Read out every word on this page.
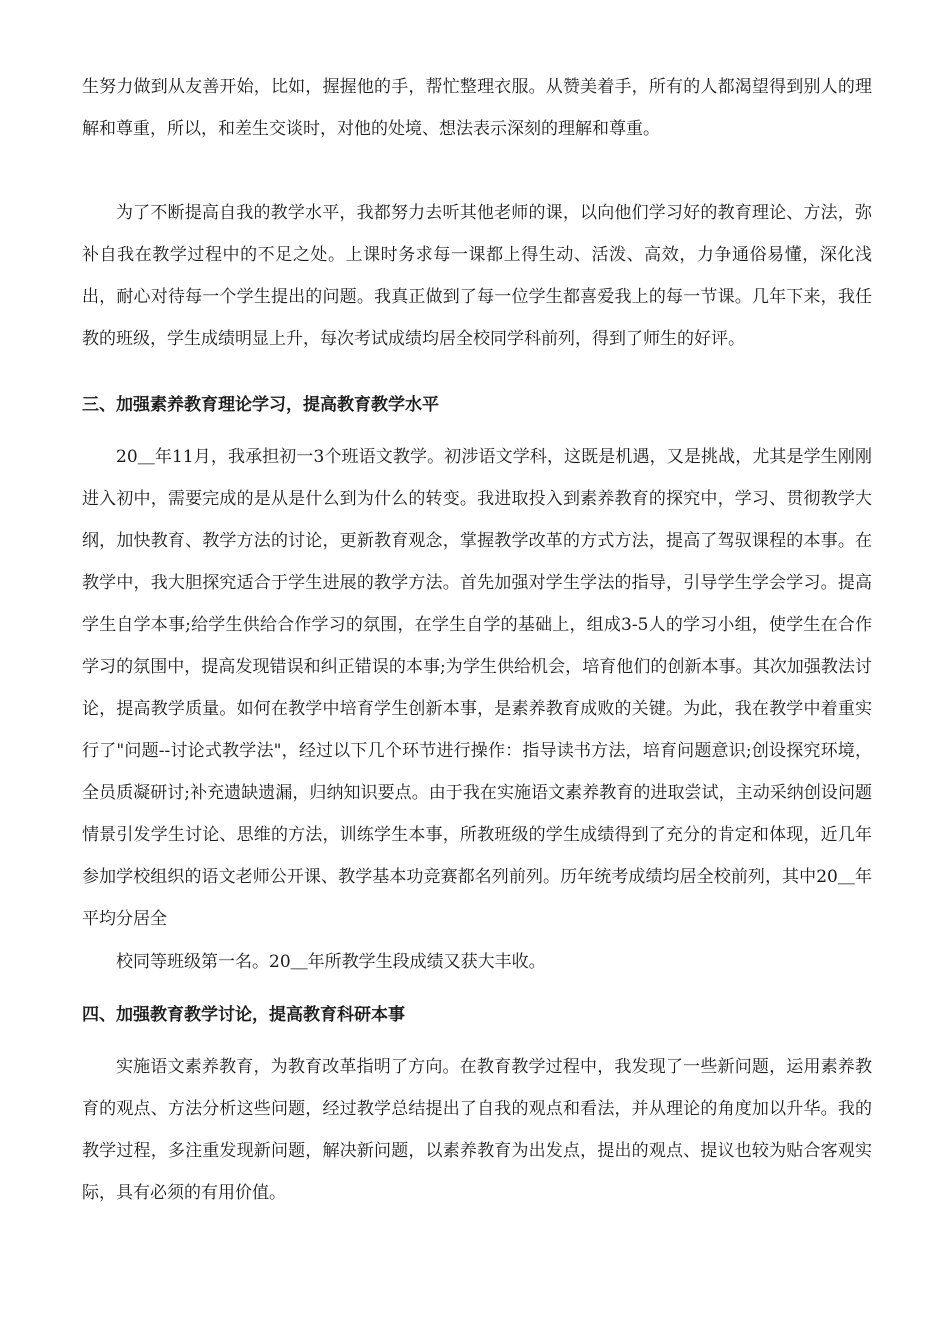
生努力做到从友善开始，比如，握握他的手，帮忙整理衣服。从赞美着手，所有的人都渴望得到别人的理解和尊重，所以，和差生交谈时，对他的处境、想法表示深刻的理解和尊重。

为了不断提高自我的教学水平，我都努力去听其他老师的课，以向他们学习好的教育理论、方法，弥补自我在教学过程中的不足之处。上课时务求每一课都上得生动、活泼、高效，力争通俗易懂，深化浅出，耐心对待每一个学生提出的问题。我真正做到了每一位学生都喜爱我上的每一节课。几年下来，我任教的班级，学生成绩明显上升，每次考试成绩均居全校同学科前列，得到了师生的好评。

三、加强素养教育理论学习，提高教育教学水平

20＿年11月，我承担初一3个班语文教学。初涉语文学科，这既是机遇，又是挑战，尤其是学生刚刚进入初中，需要完成的是从是什么到为什么的转变。我进取投入到素养教育的探究中，学习、贯彻教学大纲，加快教育、教学方法的讨论，更新教育观念，掌握教学改革的方式方法，提高了驾驭课程的本事。在教学中，我大胆探究适合于学生进展的教学方法。首先加强对学生学法的指导，引导学生学会学习。提高学生自学本事;给学生供给合作学习的氛围，在学生自学的基础上，组成3-5人的学习小组，使学生在合作学习的氛围中，提高发现错误和纠正错误的本事;为学生供给机会，培育他们的创新本事。其次加强教法讨论，提高教学质量。如何在教学中培育学生创新本事，是素养教育成败的关键。为此，我在教学中着重实行了"问题--讨论式教学法"，经过以下几个环节进行操作：指导读书方法，培育问题意识;创设探究环境，全员质凝研讨;补充遗缺遗漏，归纳知识要点。由于我在实施语文素养教育的进取尝试，主动采纳创设问题情景引发学生讨论、思维的方法，训练学生本事，所教班级的学生成绩得到了充分的肯定和体现，近几年参加学校组织的语文老师公开课、教学基本功竞赛都名列前列。历年统考成绩均居全校前列，其中20＿年平均分居全

校同等班级第一名。20＿年所教学生段成绩又获大丰收。

四、加强教育教学讨论，提高教育科研本事

实施语文素养教育，为教育改革指明了方向。在教育教学过程中，我发现了一些新问题，运用素养教育的观点、方法分析这些问题，经过教学总结提出了自我的观点和看法，并从理论的角度加以升华。我的教学过程，多注重发现新问题，解决新问题，以素养教育为出发点，提出的观点、提议也较为贴合客观实际，具有必须的有用价值。
